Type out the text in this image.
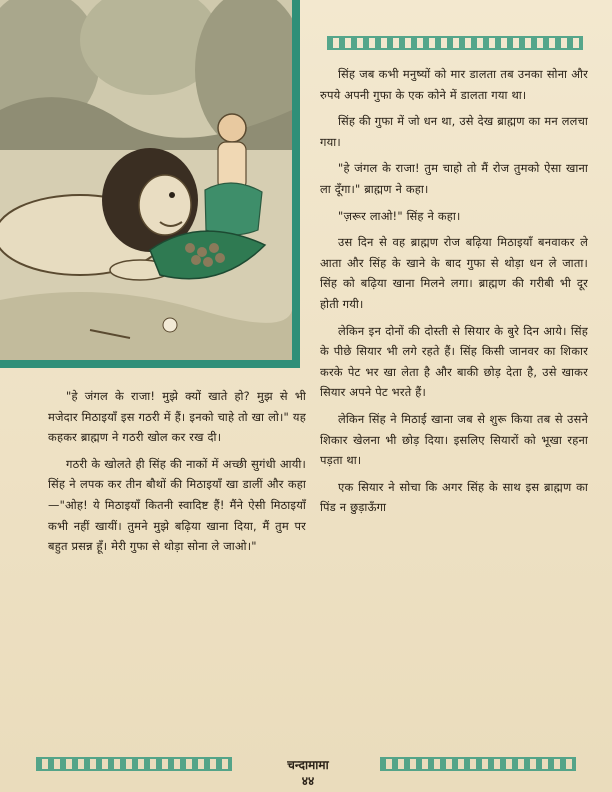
सिंह जब कभी मनुष्यों को मार डालता तब उनका सोना और रुपये अपनी गुफा के एक कोने में डालता गया था।

सिंह की गुफा में जो धन था, उसे देख ब्राह्मण का मन ललचा गया।

"हे जंगल के राजा! तुम चाहो तो मैं रोज तुमको ऐसा खाना ला दूँगा।" ब्राह्मण ने कहा।

"ज़रूर लाओ!" सिंह ने कहा।

उस दिन से वह ब्राह्मण रोज बढ़िया मिठाइयाँ बनवाकर ले आता और सिंह के खाने के बाद गुफा से थोड़ा धन ले जाता। सिंह को बढ़िया खाना मिलने लगा। ब्राह्मण की गरीबी भी दूर होती गयी।

लेकिन इन दोनों की दोस्ती से सियार के बुरे दिन आये। सिंह के पीछे सियार भी लगे रहते हैं। सिंह किसी जानवर का शिकार करके पेट भर खा लेता है और बाकी छोड़ देता है, उसे खाकर सियार अपने पेट भरते हैं।

लेकिन सिंह ने मिठाई खाना जब से शुरू किया तब से उसने शिकार खेलना भी छोड़ दिया। इसलिए सियारों को भूखा रहना पड़ता था।

एक सियार ने सोचा कि अगर सिंह के साथ इस ब्राह्मण का पिंड न छुड़ाऊँगा

"हे जंगल के राजा! मुझे क्यों खाते हो? मुझ से भी मजेदार मिठाइयाँ इस गठरी में हैं। इनको चाहे तो खा लो।" यह कहकर ब्राह्मण ने गठरी खोल कर रख दी।

गठरी के खोलते ही सिंह की नाकों में अच्छी सुगंधी आयी। सिंह ने लपक कर तीन बौथों की मिठाइयाँ खा डालीं और कहा—"ओह! ये मिठाइयाँ कितनी स्वादिष्ट हैं! मैंने ऐसी मिठाइयाँ कभी नहीं खायीं। तुमने मुझे बढ़िया खाना दिया, मैं तुम पर बहुत प्रसन्न हूँ। मेरी गुफा से थोड़ा सोना ले जाओ।"

चन्दामामा
४४
